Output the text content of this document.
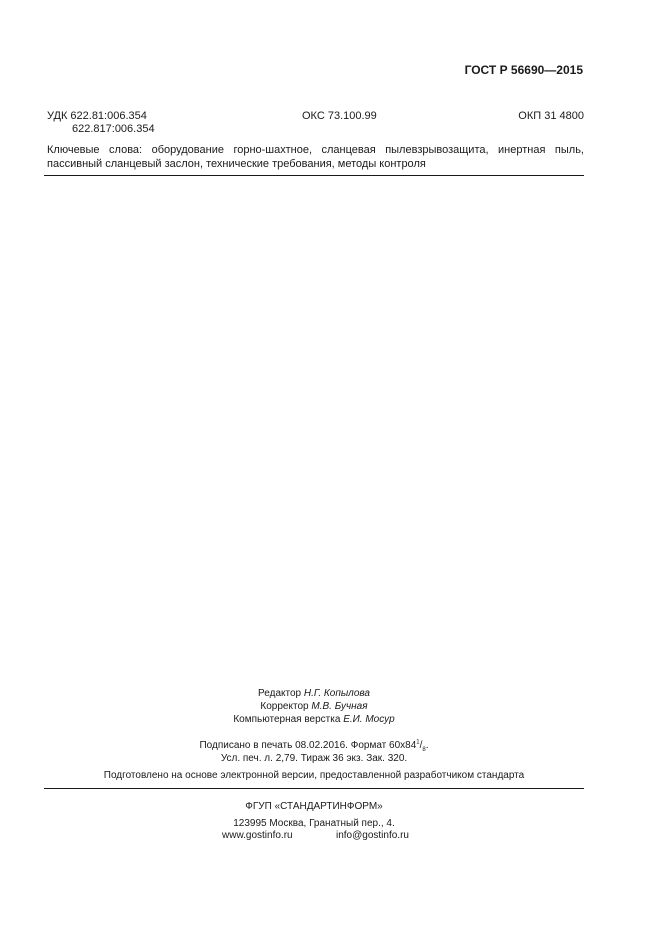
ГОСТ Р 56690—2015
УДК 622.81:006.354
622.817:006.354
ОКС 73.100.99	ОКП 31 4800
Ключевые слова: оборудование горно-шахтное, сланцевая пылевзрывозащита, инертная пыль, пассивный сланцевый заслон, технические требования, методы контроля
Редактор Н.Г. Копылова
Корректор М.В. Бучная
Компьютерная верстка Е.И. Мосур
Подписано в печать 08.02.2016. Формат $60х84^1/_8$.
Усл. печ. л. 2,79. Тираж 36 экз. Зак. 320.
Подготовлено на основе электронной версии, предоставленной разработчиком стандарта
ФГУП «СТАНДАРТИНФОРМ»
123995 Москва, Гранатный пер., 4.
www.gostinfo.ru	info@gostinfo.ru
